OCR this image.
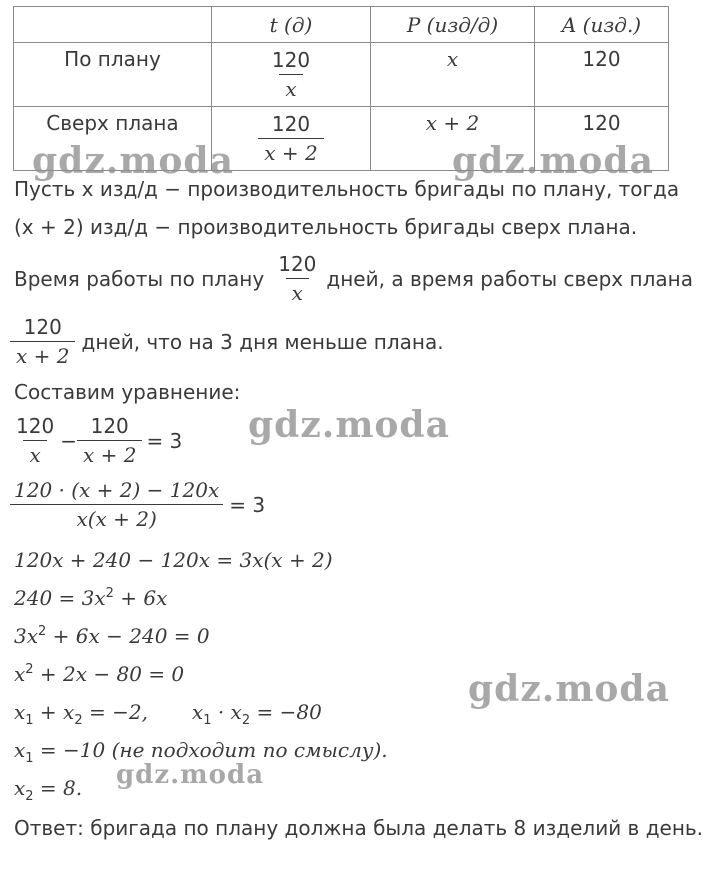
	t (д)	P (изд/д)	A (изд.)
По плану	$\frac{120}{x}$	x	120
Сверх плана	$\frac{120}{x + 2}$	x + 2	120
Пусть x изд/д − производительность бригады по плану, тогда
(x + 2) изд/д − производительность бригады сверх плана.
Время работы по плану $\frac{120}{x}$ дней, а время работы сверх плана
$\frac{120}{x + 2}$ дней, что на 3 дня меньше плана.
Составим уравнение:
$\frac{120}{x} - \frac{120}{x + 2} = 3$
$\frac{120 \cdot (x + 2) - 120x}{x(x + 2)} = 3$
120x + 240 − 120x = 3x(x + 2)
$240 = 3x^2 + 6x$
$3x^2 + 6x - 240 = 0$
$x^2 + 2x - 80 = 0$
$x_1 + x_2 = -2$, $x_1 \cdot x_2 = -80$
$x_1 = -10$ (не подходит по смыслу).
$x_2 = 8$.
Ответ: бригада по плану должна была делать 8 изделий в день.
gdz.moda	gdz.moda
gdz.moda
gdz.moda
gdz.moda
